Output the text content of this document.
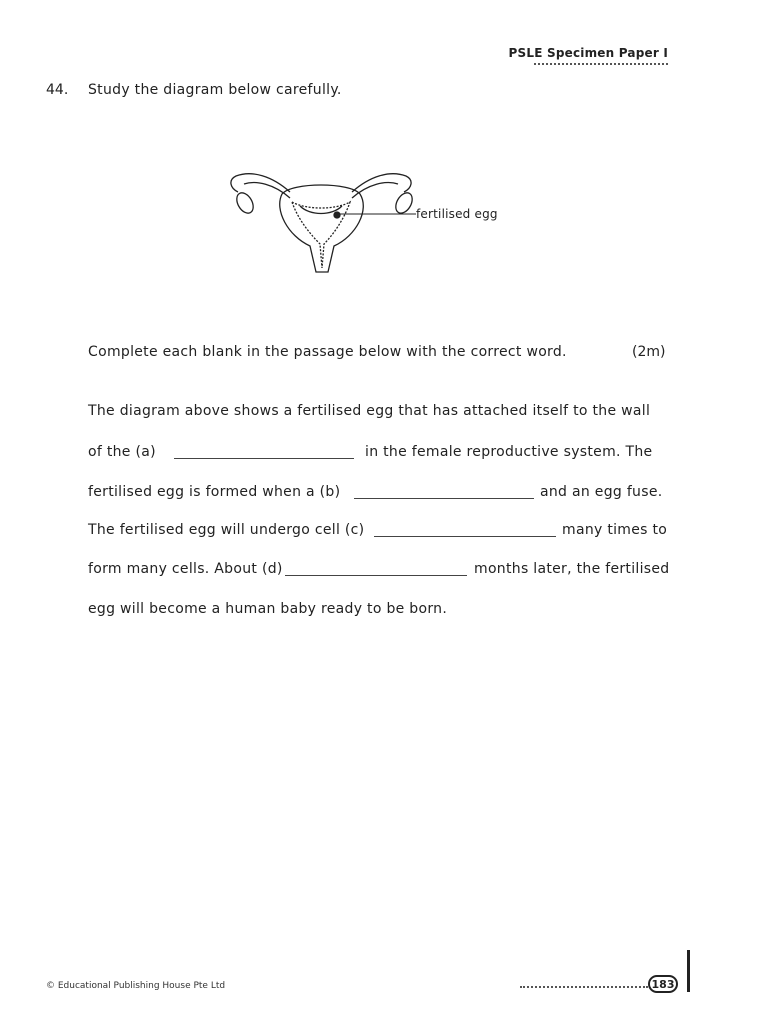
PSLE Specimen Paper I
44. Study the diagram below carefully.
fertilised egg
Complete each blank in the passage below with the correct word.	(2m)
The diagram above shows a fertilised egg that has attached itself to the wall
of the (a)	in the female reproductive system. The
fertilised egg is formed when a (b)	and an egg fuse.
The fertilised egg will undergo cell (c)	many times to
form many cells. About (d)	months later, the fertilised
egg will become a human baby ready to be born.
© Educational Publishing House Pte Ltd	183
